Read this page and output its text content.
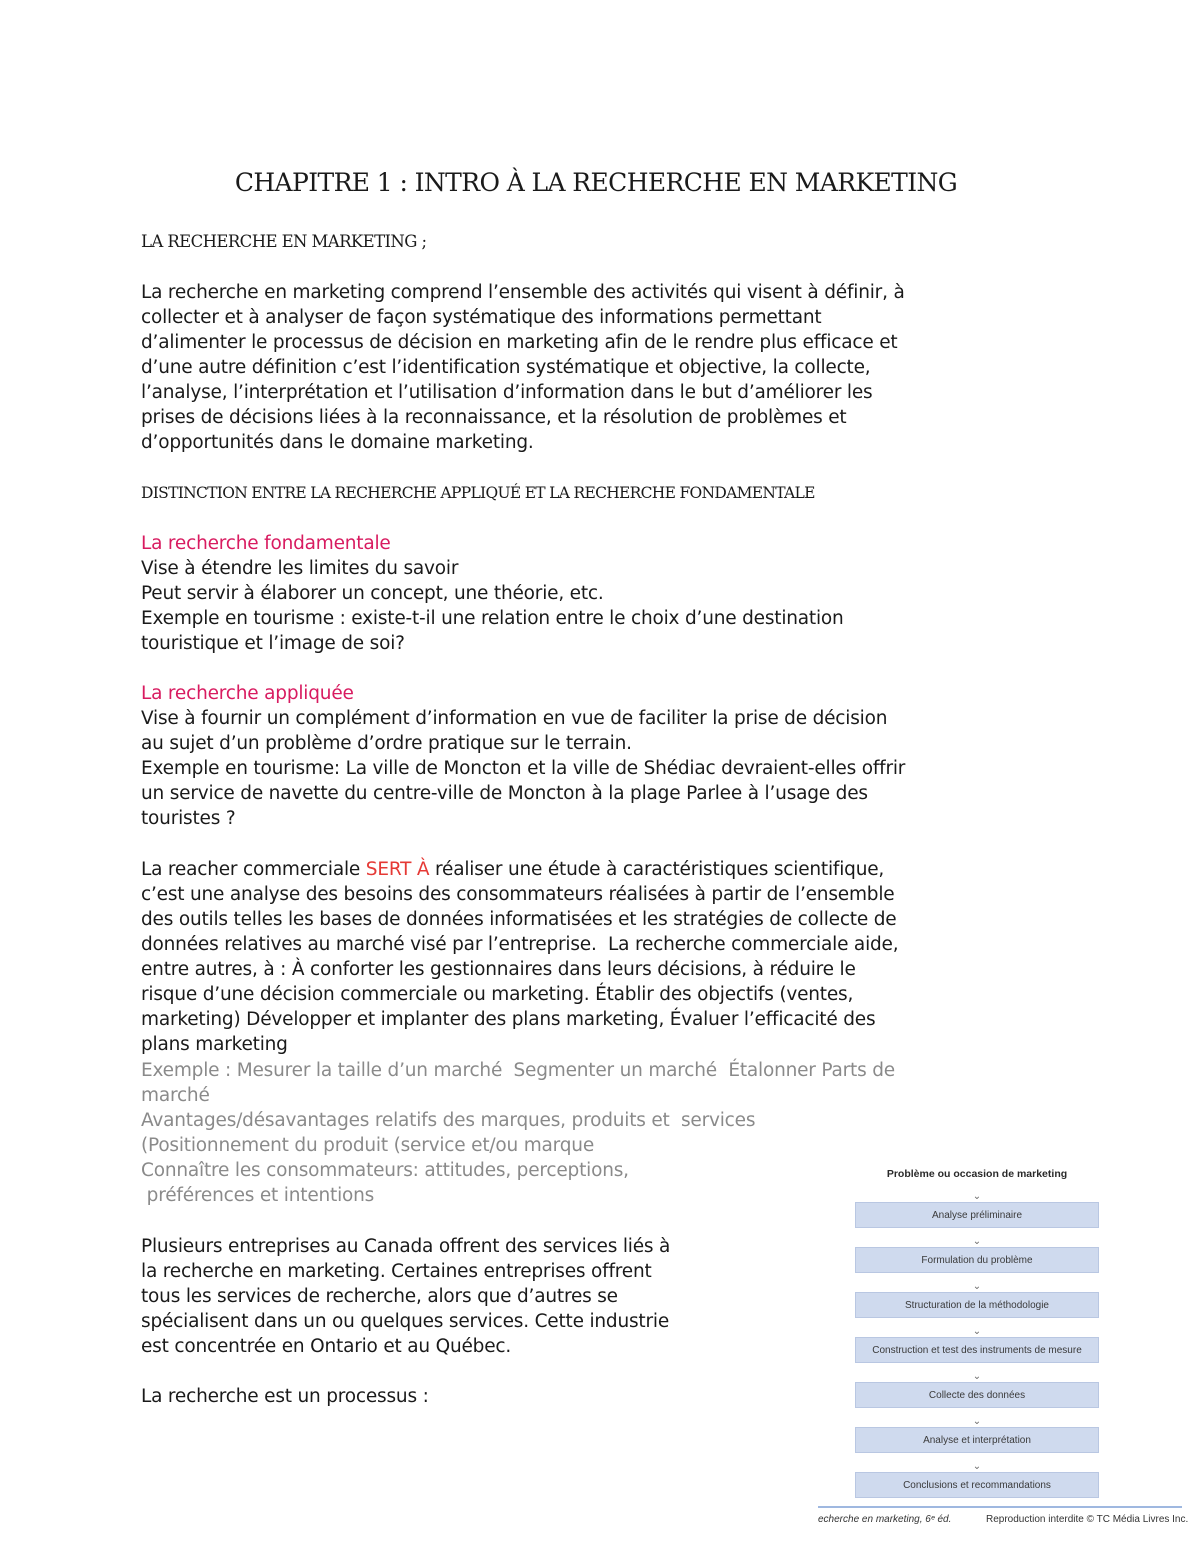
CHAPITRE 1 : INTRO À LA RECHERCHE EN MARKETING
LA RECHERCHE EN MARKETING ;

La recherche en marketing comprend l’ensemble des activités qui visent à définir, à
collecter et à analyser de façon systématique des informations permettant
d’alimenter le processus de décision en marketing afin de le rendre plus efficace et
d’une autre définition c’est l’identification systématique et objective, la collecte,
l’analyse, l’interprétation et l’utilisation d’information dans le but d’améliorer les
prises de décisions liées à la reconnaissance, et la résolution de problèmes et
d’opportunités dans le domaine marketing.

DISTINCTION ENTRE LA RECHERCHE APPLIQUÉ ET LA RECHERCHE FONDAMENTALE
La recherche fondamentale
Vise à étendre les limites du savoir
Peut servir à élaborer un concept, une théorie, etc.
Exemple en tourisme : existe-t-il une relation entre le choix d’une destination
touristique et l’image de soi?
La recherche appliquée
Vise à fournir un complément d’information en vue de faciliter la prise de décision
au sujet d’un problème d’ordre pratique sur le terrain.
Exemple en tourisme: La ville de Moncton et la ville de Shédiac devraient-elles offrir
un service de navette du centre-ville de Moncton à la plage Parlee à l’usage des
touristes ?
La reacher commerciale SERT À réaliser une étude à caractéristiques scientifique,
c’est une analyse des besoins des consommateurs réalisées à partir de l’ensemble
des outils telles les bases de données informatisées et les stratégies de collecte de
données relatives au marché visé par l’entreprise.  La recherche commerciale aide,
entre autres, à : À conforter les gestionnaires dans leurs décisions, à réduire le
risque d’une décision commerciale ou marketing. Établir des objectifs (ventes,
marketing) Développer et implanter des plans marketing, Évaluer l’efficacité des
plans marketing
Exemple : Mesurer la taille d’un marché  Segmenter un marché  Étalonner Parts de
marché
Avantages/désavantages relatifs des marques, produits et  services
(Positionnement du produit (service et/ou marque
Connaître les consommateurs: attitudes, perceptions,
préférences et intentions
Plusieurs entreprises au Canada offrent des services liés à
la recherche en marketing. Certaines entreprises offrent
tous les services de recherche, alors que d’autres se
spécialisent dans un ou quelques services. Cette industrie
est concentrée en Ontario et au Québec.
La recherche est un processus :
Problème ou occasion de marketing
⌄
Analyse préliminaire
⌄
Formulation du problème
⌄
Structuration de la méthodologie
⌄
Construction et test des instruments de mesure
⌄
Collecte des données
⌄
Analyse et interprétation
⌄
Conclusions et recommandations
echerche en marketing, 6ᵉ éd.	Reproduction interdite © TC Média Livres Inc.
